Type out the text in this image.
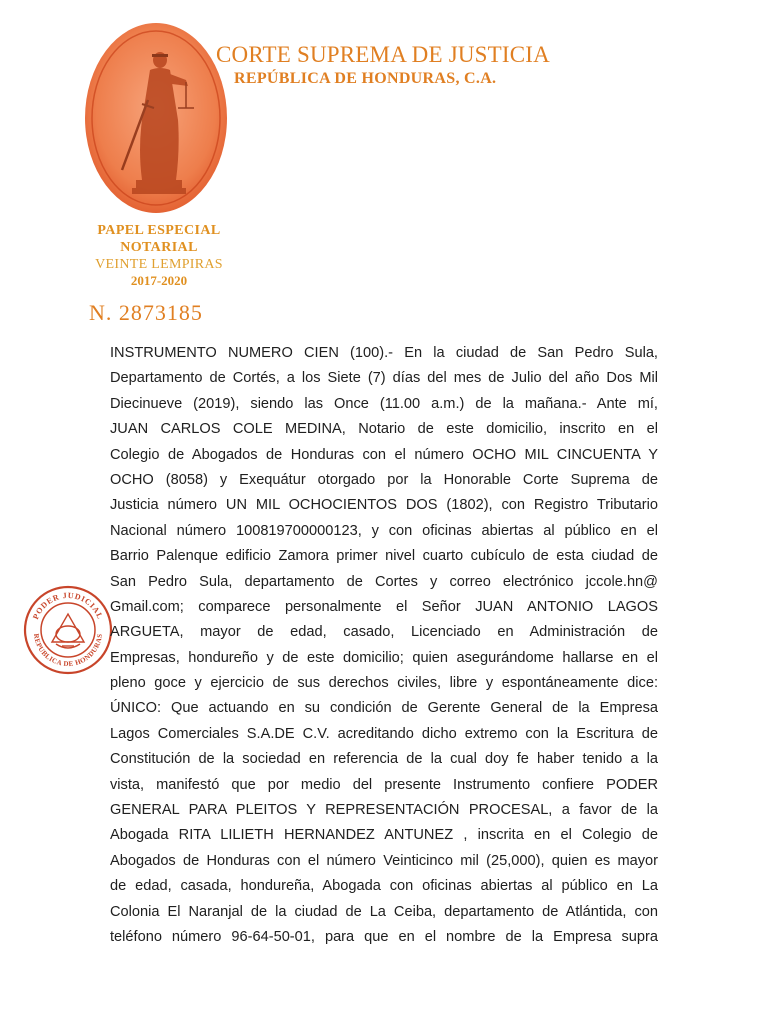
CORTE SUPREMA DE JUSTICIA
REPÚBLICA DE HONDURAS, C.A.
PAPEL ESPECIAL
NOTARIAL
VEINTE LEMPIRAS
2017-2020
N. 2873185
PODER JUDICIAL
REPUBLICA DE HONDURAS
INSTRUMENTO NUMERO CIEN (100).- En la ciudad de San Pedro Sula,
Departamento de Cortés, a los Siete (7) días del mes de Julio del año Dos Mil
Diecinueve (2019), siendo las Once (11.00 a.m.) de la mañana.- Ante mí,
JUAN CARLOS COLE MEDINA, Notario de este domicilio, inscrito en el
Colegio de Abogados de Honduras con el número OCHO MIL CINCUENTA Y
OCHO (8058) y Exequátur otorgado por la Honorable Corte Suprema de
Justicia número UN MIL OCHOCIENTOS DOS (1802), con Registro Tributario
Nacional número 100819700000123, y con oficinas abiertas al público en el
Barrio Palenque edificio Zamora primer nivel cuarto cubículo de esta ciudad de
San Pedro Sula, departamento de Cortes y correo electrónico jccole.hn@
Gmail.com; comparece personalmente el Señor JUAN ANTONIO LAGOS
ARGUETA, mayor de edad, casado, Licenciado en Administración de
Empresas, hondureño y de este domicilio; quien asegurándome hallarse en el
pleno goce y ejercicio de sus derechos civiles, libre y espontáneamente dice:
ÚNICO: Que actuando en su condición de Gerente General de la Empresa
Lagos Comerciales S.A.DE C.V. acreditando dicho extremo con la Escritura de
Constitución de la sociedad en referencia de la cual doy fe haber tenido a la
vista, manifestó que por medio del presente Instrumento confiere PODER
GENERAL PARA PLEITOS Y REPRESENTACIÓN PROCESAL, a favor de la
Abogada RITA LILIETH HERNANDEZ ANTUNEZ , inscrita en el Colegio de
Abogados de Honduras con el número Veinticinco mil (25,000), quien es mayor
de edad, casada, hondureña, Abogada con oficinas abiertas al público en La
Colonia El Naranjal de la ciudad de La Ceiba, departamento de Atlántida, con
teléfono número 96-64-50-01, para que en el nombre de la Empresa supra
